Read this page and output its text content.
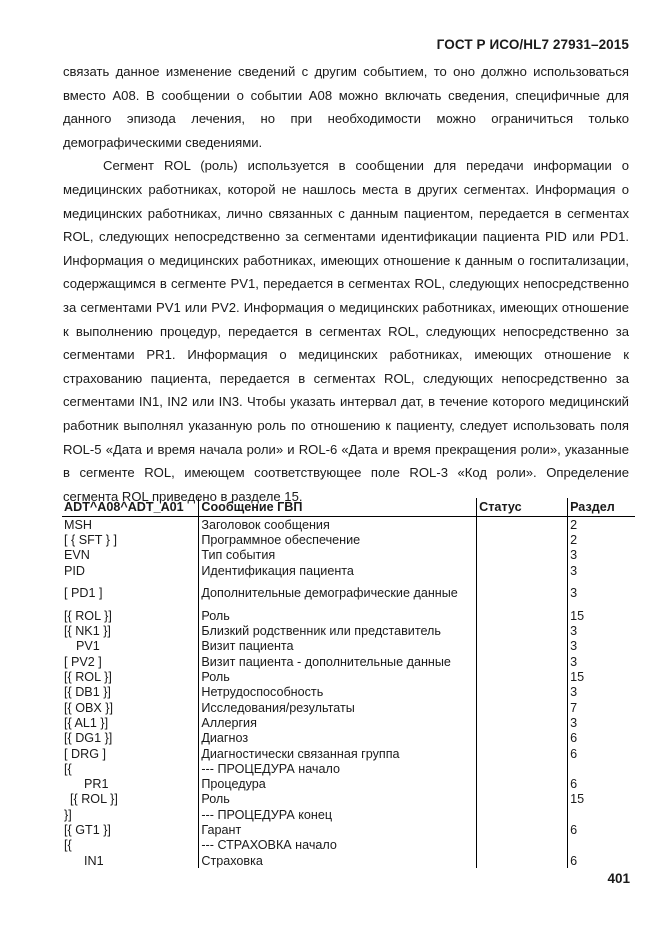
ГОСТ Р ИСО/HL7 27931–2015

связать данное изменение сведений с другим событием, то оно должно использоваться вместо A08. В сообщении о событии A08 можно включать сведения, специфичные для данного эпизода лечения, но при необходимости можно ограничиться только демографическими сведениями.

Сегмент ROL (роль) используется в сообщении для передачи информации о медицинских работниках, которой не нашлось места в других сегментах. Информация о медицинских работниках, лично связанных с данным пациентом, передается в сегментах ROL, следующих непосредственно за сегментами идентификации пациента PID или PD1. Информация о медицинских работниках, имеющих отношение к данным о госпитализации, содержащимся в сегменте PV1, передается в сегментах ROL, следующих непосредственно за сегментами PV1 или PV2. Информация о медицинских работниках, имеющих отношение к выполнению процедур, передается в сегментах ROL, следующих непосредственно за сегментами PR1. Информация о медицинских работниках, имеющих отношение к страхованию пациента, передается в сегментах ROL, следующих непосредственно за сегментами IN1, IN2 или IN3. Чтобы указать интервал дат, в течение которого медицинский работник выполнял указанную роль по отношению к пациенту, следует использовать поля ROL-5 «Дата и время начала роли» и ROL-6 «Дата и время прекращения роли», указанные в сегменте ROL, имеющем соответствующее поле ROL-3 «Код роли». Определение сегмента ROL приведено в разделе 15.

ADT^A08^ADT_A01	Сообщение ГВП	Статус	Раздел
MSH	Заголовок сообщения		2
[ { SFT } ]	Программное обеспечение		2
EVN	Тип события		3
PID	Идентификация пациента		3
[ PD1 ]	Дополнительные демографические данные		3
[{ ROL }]	Роль		15
[{ NK1 }]	Близкий родственник или представитель		3
PV1	Визит пациента		3
[ PV2 ]	Визит пациента - дополнительные данные		3
[{ ROL }]	Роль		15
[{ DB1 }]	Нетрудоспособность		3
[{ OBX }]	Исследования/результаты		7
[{ AL1 }]	Аллергия		3
[{ DG1 }]	Диагноз		6
[ DRG ]	Диагностически связанная группа		6
[{	--- ПРОЦЕДУРА начало		
PR1	Процедура		6
[{ ROL }]	Роль		15
}]	--- ПРОЦЕДУРА конец		
[{ GT1 }]	Гарант		6
[{	--- СТРАХОВКА начало		
IN1	Страховка		6
401
